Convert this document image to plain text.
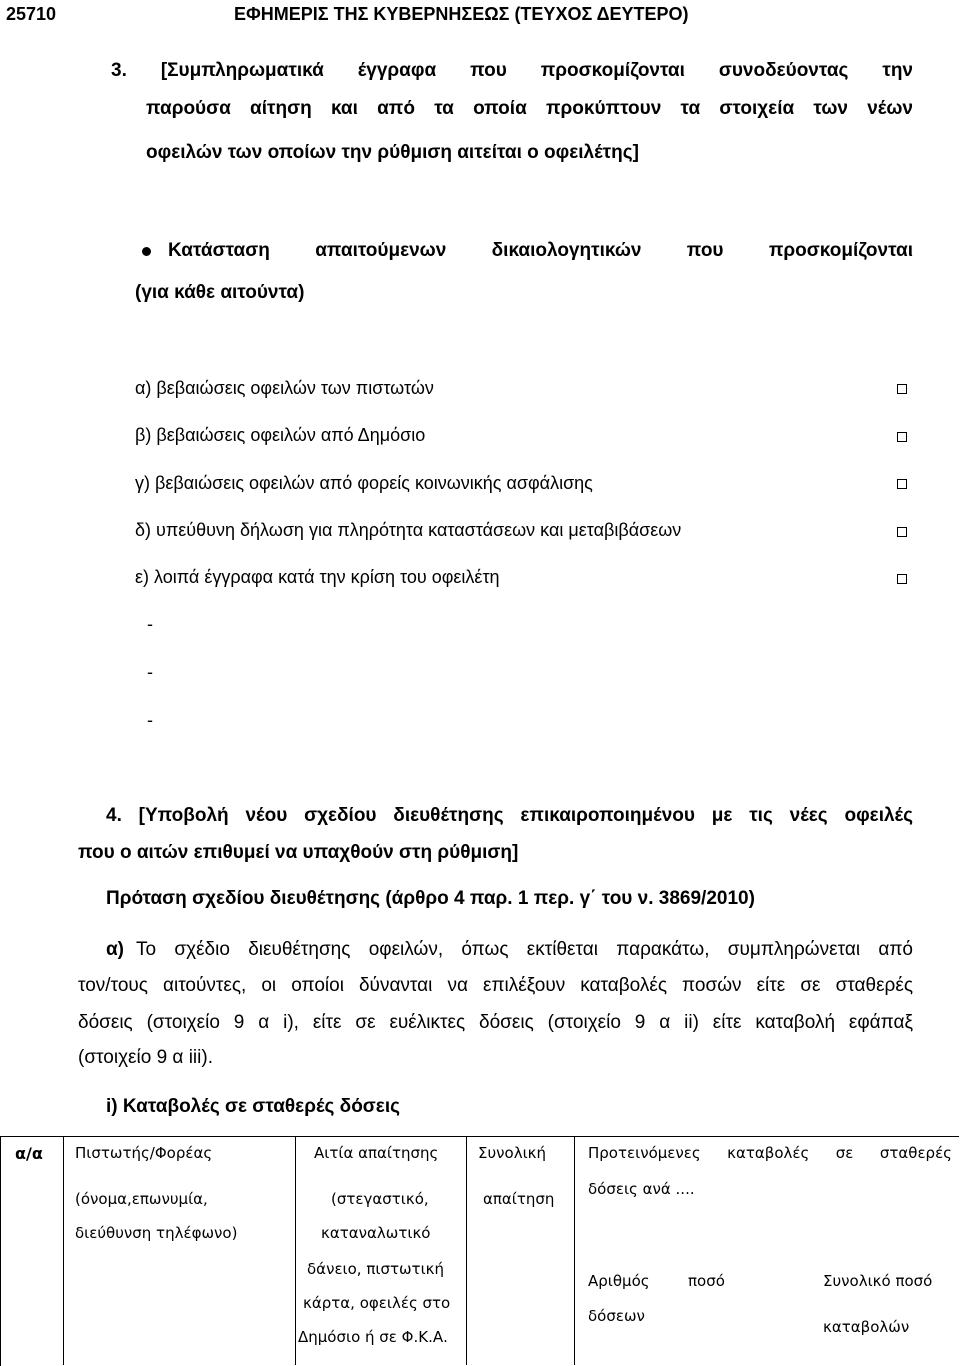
25710	ΕΦΗΜΕΡΙΣ ΤΗΣ ΚΥΒΕΡΝΗΣΕΩΣ (ΤΕΥΧΟΣ ΔΕΥΤΕΡΟ)
3. [Συμπληρωματικά έγγραφα που προσκομίζονται συνοδεύοντας την
παρούσα αίτηση και από τα οποία προκύπτουν τα στοιχεία των νέων
οφειλών των οποίων την ρύθμιση αιτείται ο οφειλέτης]
Κατάσταση απαιτούμενων δικαιολογητικών που προσκομίζονται
(για κάθε αιτούντα)
α) βεβαιώσεις οφειλών των πιστωτών
β) βεβαιώσεις οφειλών από Δημόσιο
γ) βεβαιώσεις οφειλών από φορείς κοινωνικής ασφάλισης
δ) υπεύθυνη δήλωση για πληρότητα καταστάσεων και μεταβιβάσεων
ε) λοιπά έγγραφα κατά την κρίση του οφειλέτη
-
-
-
4. [Υποβολή νέου σχεδίου διευθέτησης επικαιροποιημένου με τις νέες οφειλές
που ο αιτών επιθυμεί να υπαχθούν στη ρύθμιση]
Πρόταση σχεδίου διευθέτησης (άρθρο 4 παρ. 1 περ. γ΄ του ν. 3869/2010)
α) Το σχέδιο διευθέτησης οφειλών, όπως εκτίθεται παρακάτω, συμπληρώνεται από
τον/τους αιτούντες, οι οποίοι δύνανται να επιλέξουν καταβολές ποσών είτε σε σταθερές
δόσεις (στοιχείο 9 α i), είτε σε ευέλικτες δόσεις (στοιχείο 9 α ii) είτε καταβολή εφάπαξ
(στοιχείο 9 α iii).
i) Καταβολές σε σταθερές δόσεις
α/α Πιστωτής/Φορέας
(όνομα,επωνυμία,
διεύθυνση τηλέφωνο)
Αιτία απαίτησης
(στεγαστικό,
καταναλωτικό
δάνειο, πιστωτική
κάρτα, οφειλές στο
Δημόσιο ή σε Φ.Κ.Α.
Συνολική
απαίτηση
Προτεινόμενες καταβολές σε σταθερές
δόσεις ανά ....
Αριθμός
δόσεων
ποσό	Συνολικό ποσό
καταβολών
